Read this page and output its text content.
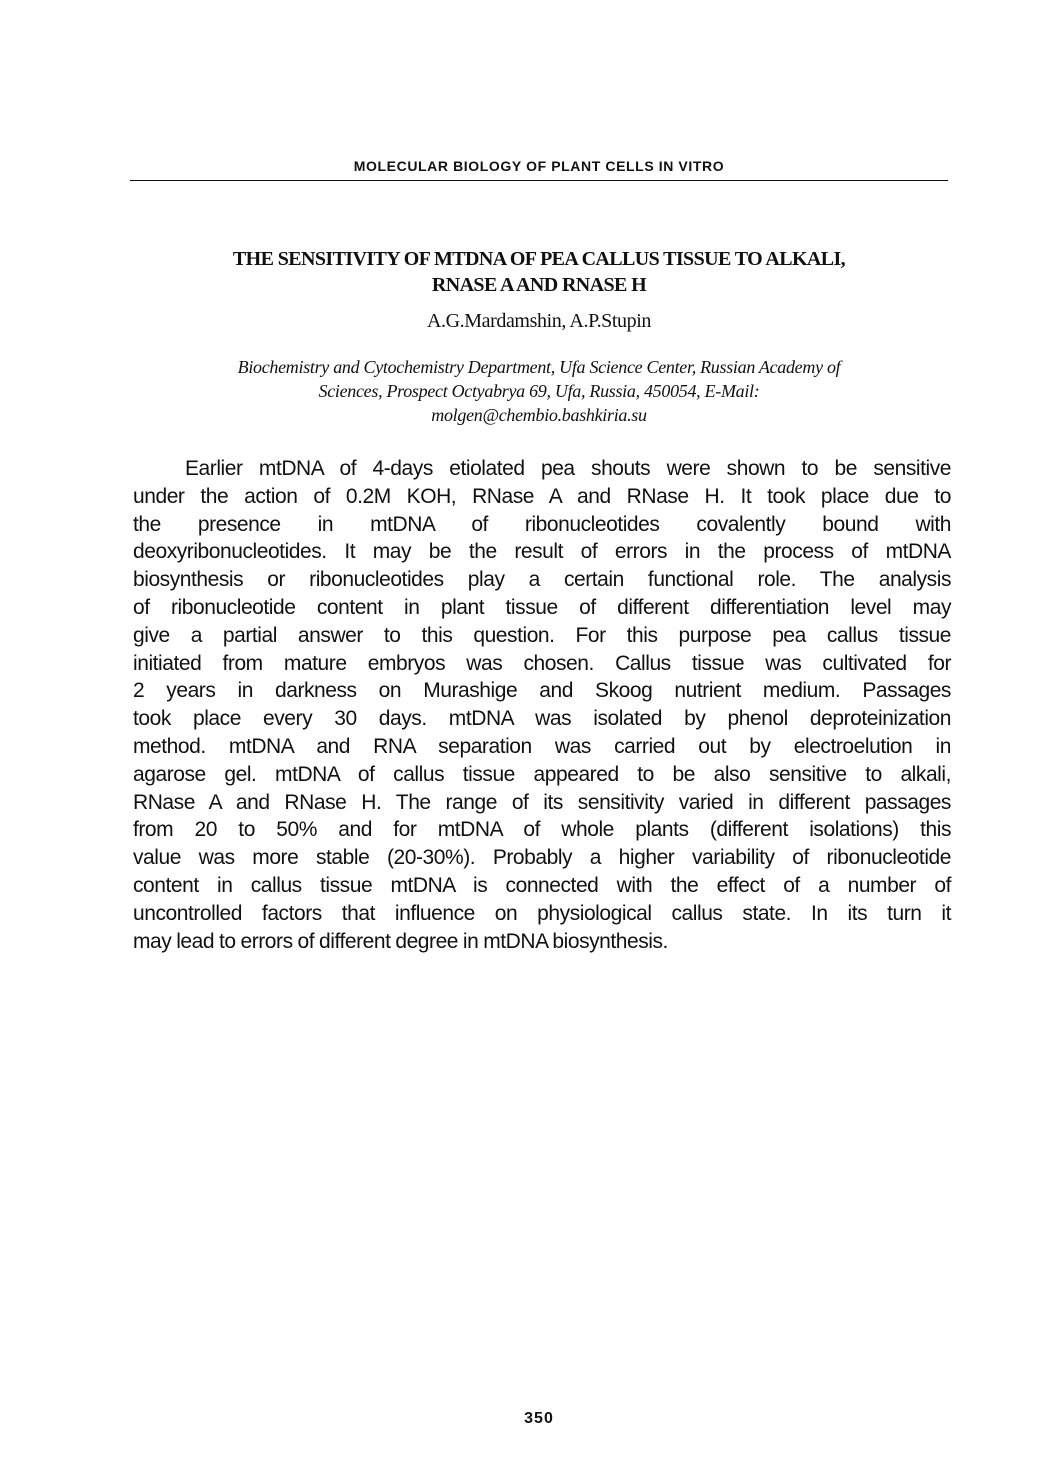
MOLECULAR BIOLOGY OF PLANT CELLS IN VITRO
THE SENSITIVITY OF MTDNA OF PEA CALLUS TISSUE TO ALKALI,
RNASE A AND RNASE H
A.G.Mardamshin, A.P.Stupin
Biochemistry and Cytochemistry Department, Ufa Science Center, Russian Academy of
Sciences, Prospect Octyabrya 69, Ufa, Russia, 450054, E-Mail:
molgen@chembio.bashkiria.su
Earlier mtDNA of 4-days etiolated pea shouts were shown to be sensitive
under the action of 0.2M KOH, RNase A and RNase H. It took place due to
the presence in mtDNA of ribonucleotides covalently bound with
deoxyribonucleotides. It may be the result of errors in the process of mtDNA
biosynthesis or ribonucleotides play a certain functional role. The analysis
of ribonucleotide content in plant tissue of different differentiation level may
give a partial answer to this question. For this purpose pea callus tissue
initiated from mature embryos was chosen. Callus tissue was cultivated for
2 years in darkness on Murashige and Skoog nutrient medium. Passages
took place every 30 days. mtDNA was isolated by phenol deproteinization
method. mtDNA and RNA separation was carried out by electroelution in
agarose gel. mtDNA of callus tissue appeared to be also sensitive to alkali,
RNase A and RNase H. The range of its sensitivity varied in different passages
from 20 to 50% and for mtDNA of whole plants (different isolations) this
value was more stable (20-30%). Probably a higher variability of ribonucleotide
content in callus tissue mtDNA is connected with the effect of a number of
uncontrolled factors that influence on physiological callus state. In its turn it
may lead to errors of different degree in mtDNA biosynthesis.
350
